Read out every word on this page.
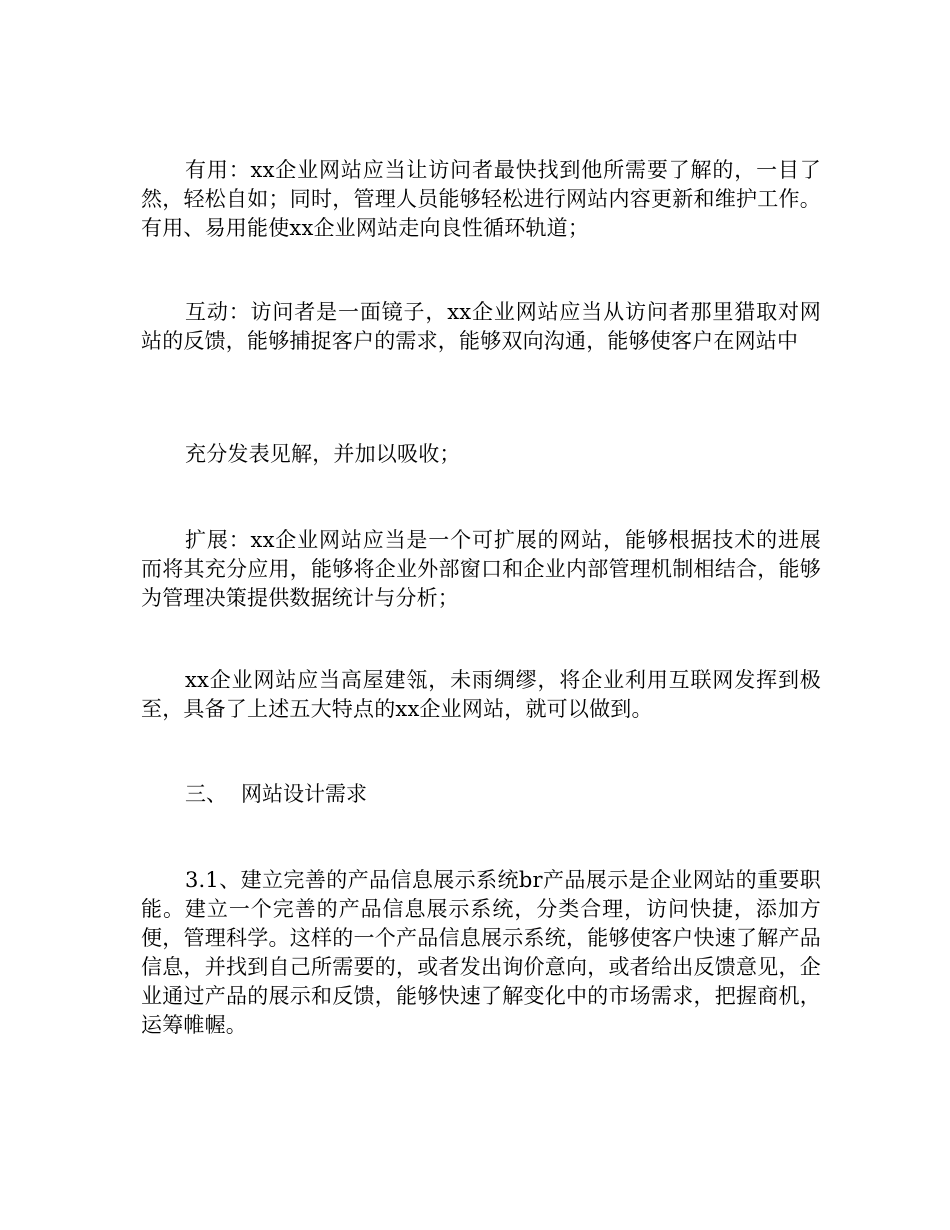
有用：xx企业网站应当让访问者最快找到他所需要了解的，一目了然，轻松自如；同时，管理人员能够轻松进行网站内容更新和维护工作。有用、易用能使xx企业网站走向良性循环轨道；

互动：访问者是一面镜子，xx企业网站应当从访问者那里猎取对网站的反馈，能够捕捉客户的需求，能够双向沟通，能够使客户在网站中

充分发表见解，并加以吸收；

扩展：xx企业网站应当是一个可扩展的网站，能够根据技术的进展而将其充分应用，能够将企业外部窗口和企业内部管理机制相结合，能够为管理决策提供数据统计与分析；

xx企业网站应当高屋建瓴，未雨绸缪，将企业利用互联网发挥到极至，具备了上述五大特点的xx企业网站，就可以做到。

三、 网站设计需求

3.1、建立完善的产品信息展示系统br产品展示是企业网站的重要职能。建立一个完善的产品信息展示系统，分类合理，访问快捷，添加方便，管理科学。这样的一个产品信息展示系统，能够使客户快速了解产品信息，并找到自己所需要的，或者发出询价意向，或者给出反馈意见，企业通过产品的展示和反馈，能够快速了解变化中的市场需求，把握商机，运筹帷幄。
